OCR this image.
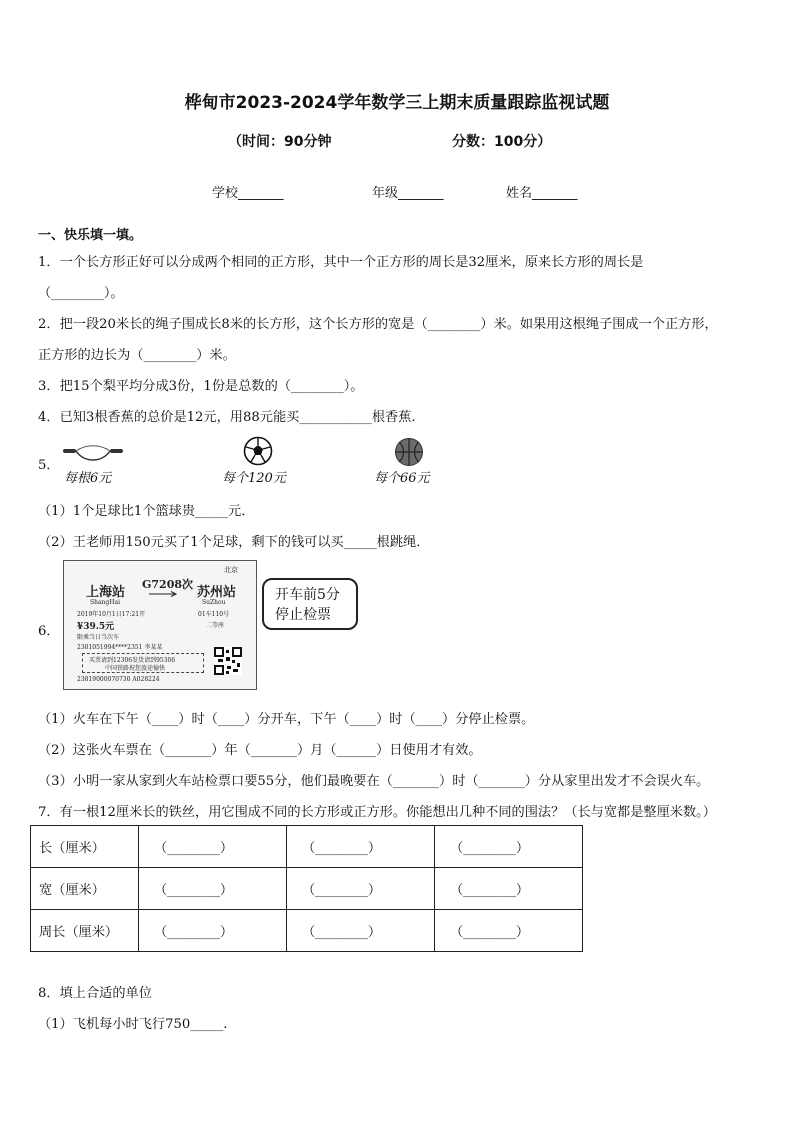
桦甸市2023-2024学年数学三上期末质量跟踪监视试题
（时间：90分钟	分数：100分）
学校_______	年级_______	姓名_______
一、快乐填一填。
1．一个长方形正好可以分成两个相同的正方形，其中一个正方形的周长是32厘米，原来长方形的周长是
（________）。
2．把一段20米长的绳子围成长8米的长方形，这个长方形的宽是（________）米。如果用这根绳子围成一个正方形，
正方形的边长为（________）米。
3．把15个梨平均分成3份，1份是总数的（________）。
4．已知3根香蕉的总价是12元，用88元能买___________根香蕉.
5．
每根6元	每个120元	每个66元
（1）1个足球比1个篮球贵_____元．
（2）王老师用150元买了1个足球，剩下的钱可以买_____根跳绳．
6．
上海站
ShangHai
G7208次
苏州站
SuZhou
北京
2019年10月1日17:21开	01车110号
¥39.5元	二等座
限乘当日当次车
2301051994****2351 李某某
买票请到12306发货请到95306
中国铁路祝您旅途愉快
23819000070730 A028224
开车前5分
停止检票
（1）火车在下午（____）时（____）分开车，下午（____）时（____）分停止检票。
（2）这张火车票在（_______）年（_______）月（______）日使用才有效。
（3）小明一家从家到火车站检票口要55分，他们最晚要在（_______）时（_______）分从家里出发才不会误火车。
7．有一根12厘米长的铁丝，用它围成不同的长方形或正方形。你能想出几种不同的围法？（长与宽都是整厘米数。）
长（厘米）	（________）	（________）	（________）
宽（厘米）	（________）	（________）	（________）
周长（厘米）	（________）	（________）	（________）
8．填上合适的单位
（1）飞机每小时飞行750_____.
